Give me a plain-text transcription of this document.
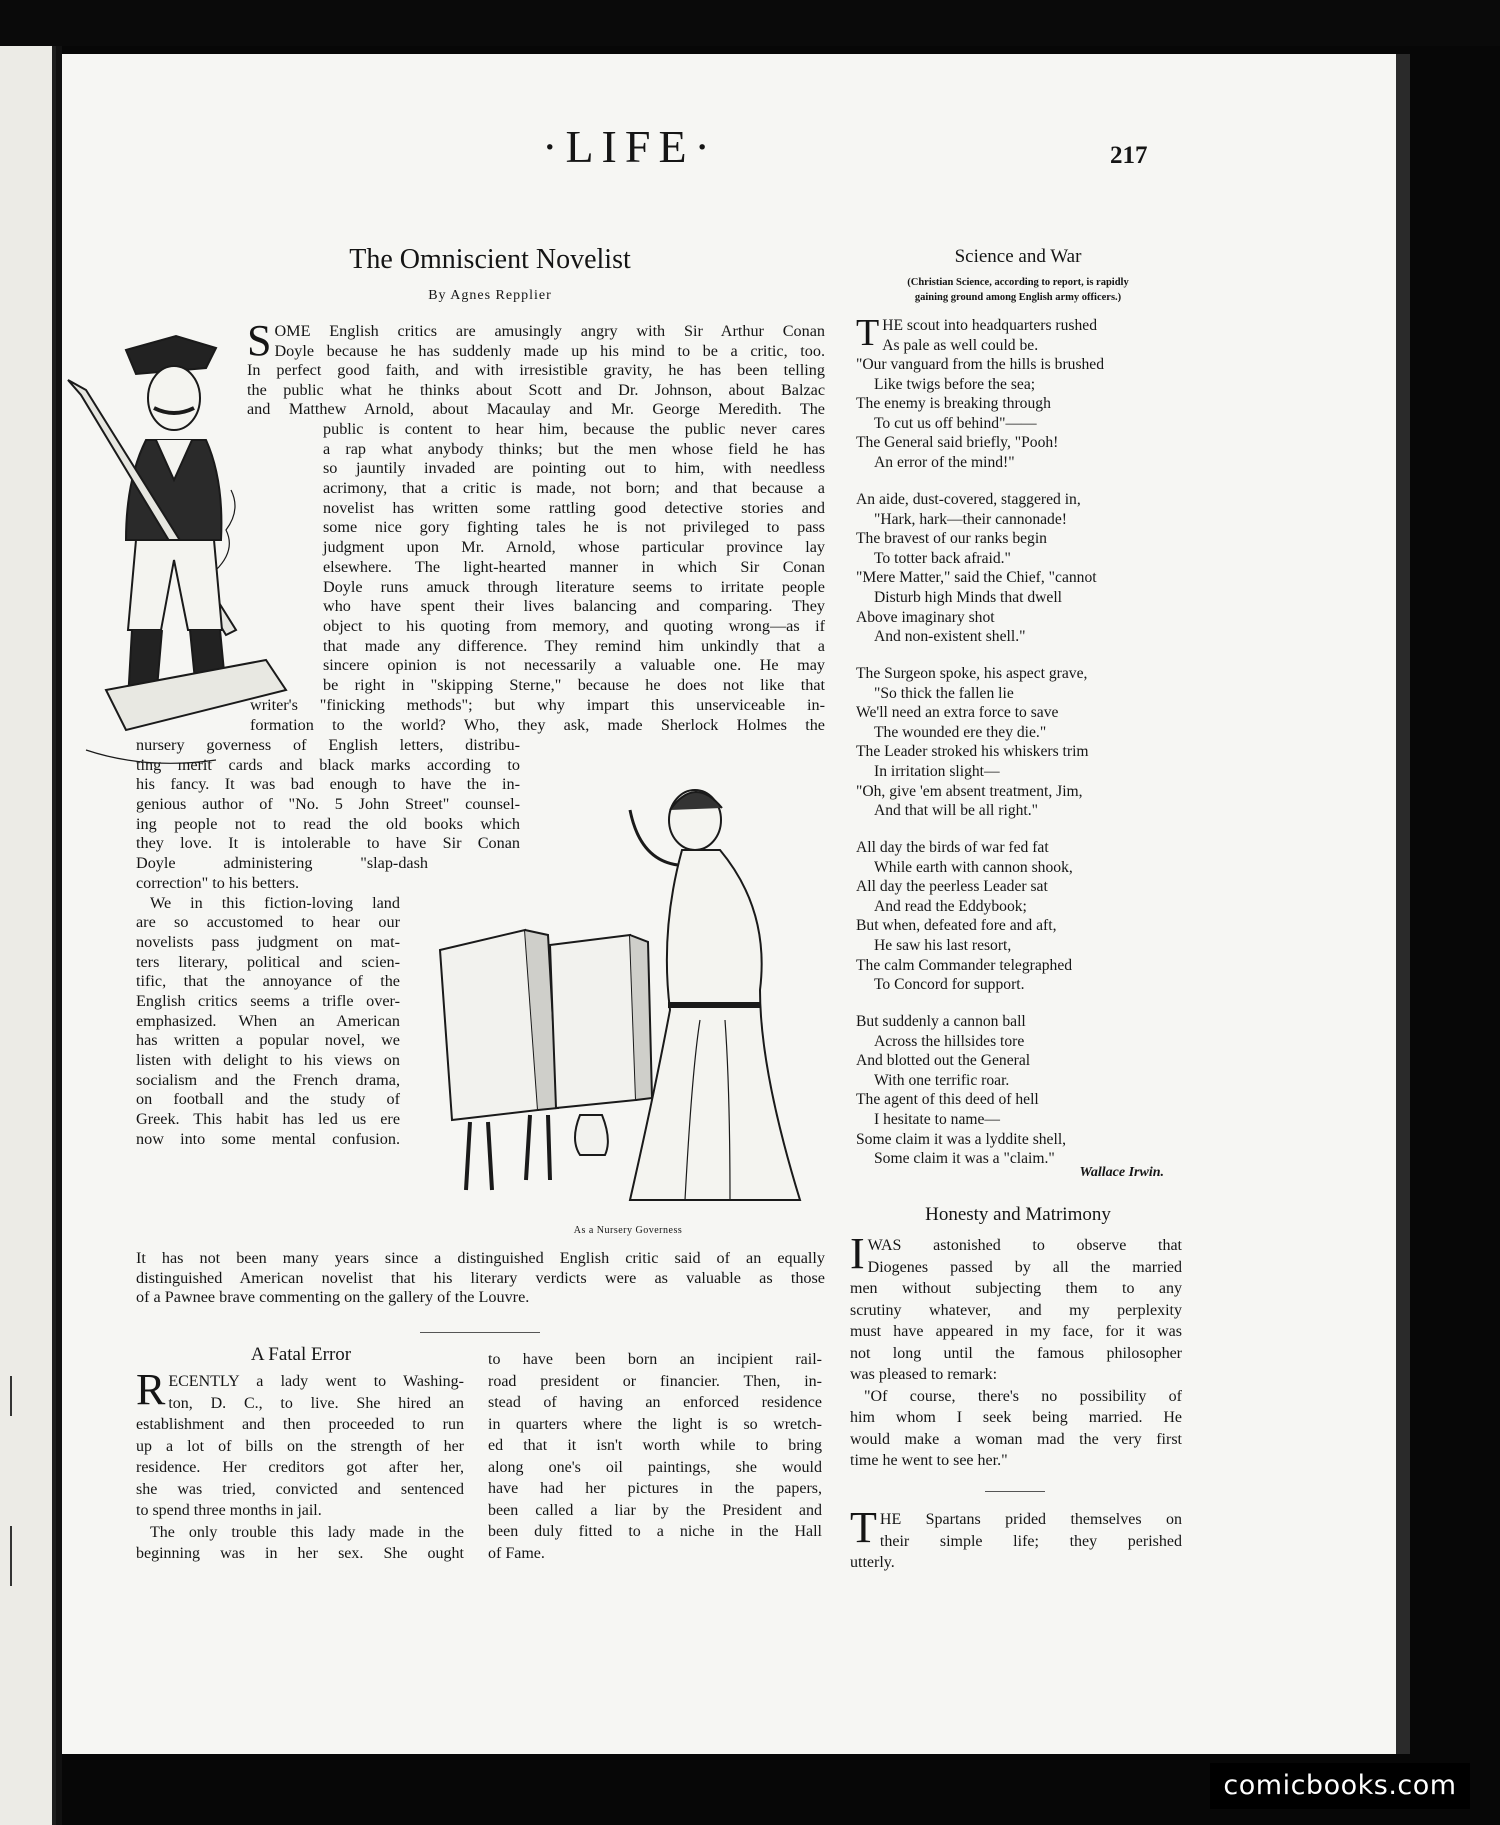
·LIFE·	217
The Omniscient Novelist
By Agnes Repplier
S OME English critics are amusingly angry with Sir Arthur Conan
Doyle because he has suddenly made up his mind to be a critic, too.
In perfect good faith, and with irresistible gravity, he has been telling
the public what he thinks about Scott and Dr. Johnson, about Balzac
and Matthew Arnold, about Macaulay and Mr. George Meredith. The
public is content to hear him, because the public never cares
a rap what anybody thinks; but the men whose field he has
so jauntily invaded are pointing out to him, with needless
acrimony, that a critic is made, not born; and that because a
novelist has written some rattling good detective stories and
some nice gory fighting tales he is not privileged to pass
judgment upon Mr. Arnold, whose particular province lay
elsewhere. The light-hearted manner in which Sir Conan
Doyle runs amuck through literature seems to irritate people
who have spent their lives balancing and comparing. They
object to his quoting from memory, and quoting wrong—as if
that made any difference. They remind him unkindly that a
sincere opinion is not necessarily a valuable one. He may
be right in "skipping Sterne," because he does not like that
writer's "finicking methods"; but why impart this unserviceable in-
formation to the world? Who, they ask, made Sherlock Holmes the
nursery governess of English letters, distribu-
ting merit cards and black marks according to
his fancy. It was bad enough to have the in-
genious author of "No. 5 John Street" counsel-
ing people not to read the old books which
they love. It is intolerable to have Sir Conan
Doyle administering "slap-dash
correction" to his betters.
We in this fiction-loving land
are so accustomed to hear our
novelists pass judgment on mat-
ters literary, political and scien-
tific, that the annoyance of the
English critics seems a trifle over-
emphasized. When an American
has written a popular novel, we
listen with delight to his views on
socialism and the French drama,
on football and the study of
Greek. This habit has led us ere
now into some mental confusion.
It has not been many years since a distinguished English critic said of an equally
distinguished American novelist that his literary verdicts were as valuable as those
of a Pawnee brave commenting on the gallery of the Louvre.
As a Nursery Governess
A Fatal Error
R ECENTLY a lady went to Washing-
ton, D. C., to live. She hired an
establishment and then proceeded to run
up a lot of bills on the strength of her
residence. Her creditors got after her,
she was tried, convicted and sentenced
to spend three months in jail.
The only trouble this lady made in the
beginning was in her sex. She ought
to have been born an incipient rail-
road president or financier. Then, in-
stead of having an enforced residence
in quarters where the light is so wretch-
ed that it isn't worth while to bring
along one's oil paintings, she would
have had her pictures in the papers,
been called a liar by the President and
been duly fitted to a niche in the Hall
of Fame.
Science and War
(Christian Science, according to report, is rapidly
gaining ground among English army officers.)
T HE scout into headquarters rushed
As pale as well could be.
"Our vanguard from the hills is brushed
Like twigs before the sea;
The enemy is breaking through
To cut us off behind"——
The General said briefly, "Pooh!
An error of the mind!"
An aide, dust-covered, staggered in,
"Hark, hark—their cannonade!
The bravest of our ranks begin
To totter back afraid."
"Mere Matter," said the Chief, "cannot
Disturb high Minds that dwell
Above imaginary shot
And non-existent shell."
The Surgeon spoke, his aspect grave,
"So thick the fallen lie
We'll need an extra force to save
The wounded ere they die."
The Leader stroked his whiskers trim
In irritation slight—
"Oh, give 'em absent treatment, Jim,
And that will be all right."
All day the birds of war fed fat
While earth with cannon shook,
All day the peerless Leader sat
And read the Eddybook;
But when, defeated fore and aft,
He saw his last resort,
The calm Commander telegraphed
To Concord for support.
But suddenly a cannon ball
Across the hillsides tore
And blotted out the General
With one terrific roar.
The agent of this deed of hell
I hesitate to name—
Some claim it was a lyddite shell,
Some claim it was a "claim."
Wallace Irwin.
Honesty and Matrimony
I WAS astonished to observe that
Diogenes passed by all the married
men without subjecting them to any
scrutiny whatever, and my perplexity
must have appeared in my face, for it was
not long until the famous philosopher
was pleased to remark:
"Of course, there's no possibility of
him whom I seek being married. He
would make a woman mad the very first
time he went to see her."
T HE Spartans prided themselves on
their simple life; they perished
utterly.
comicbooks.com
